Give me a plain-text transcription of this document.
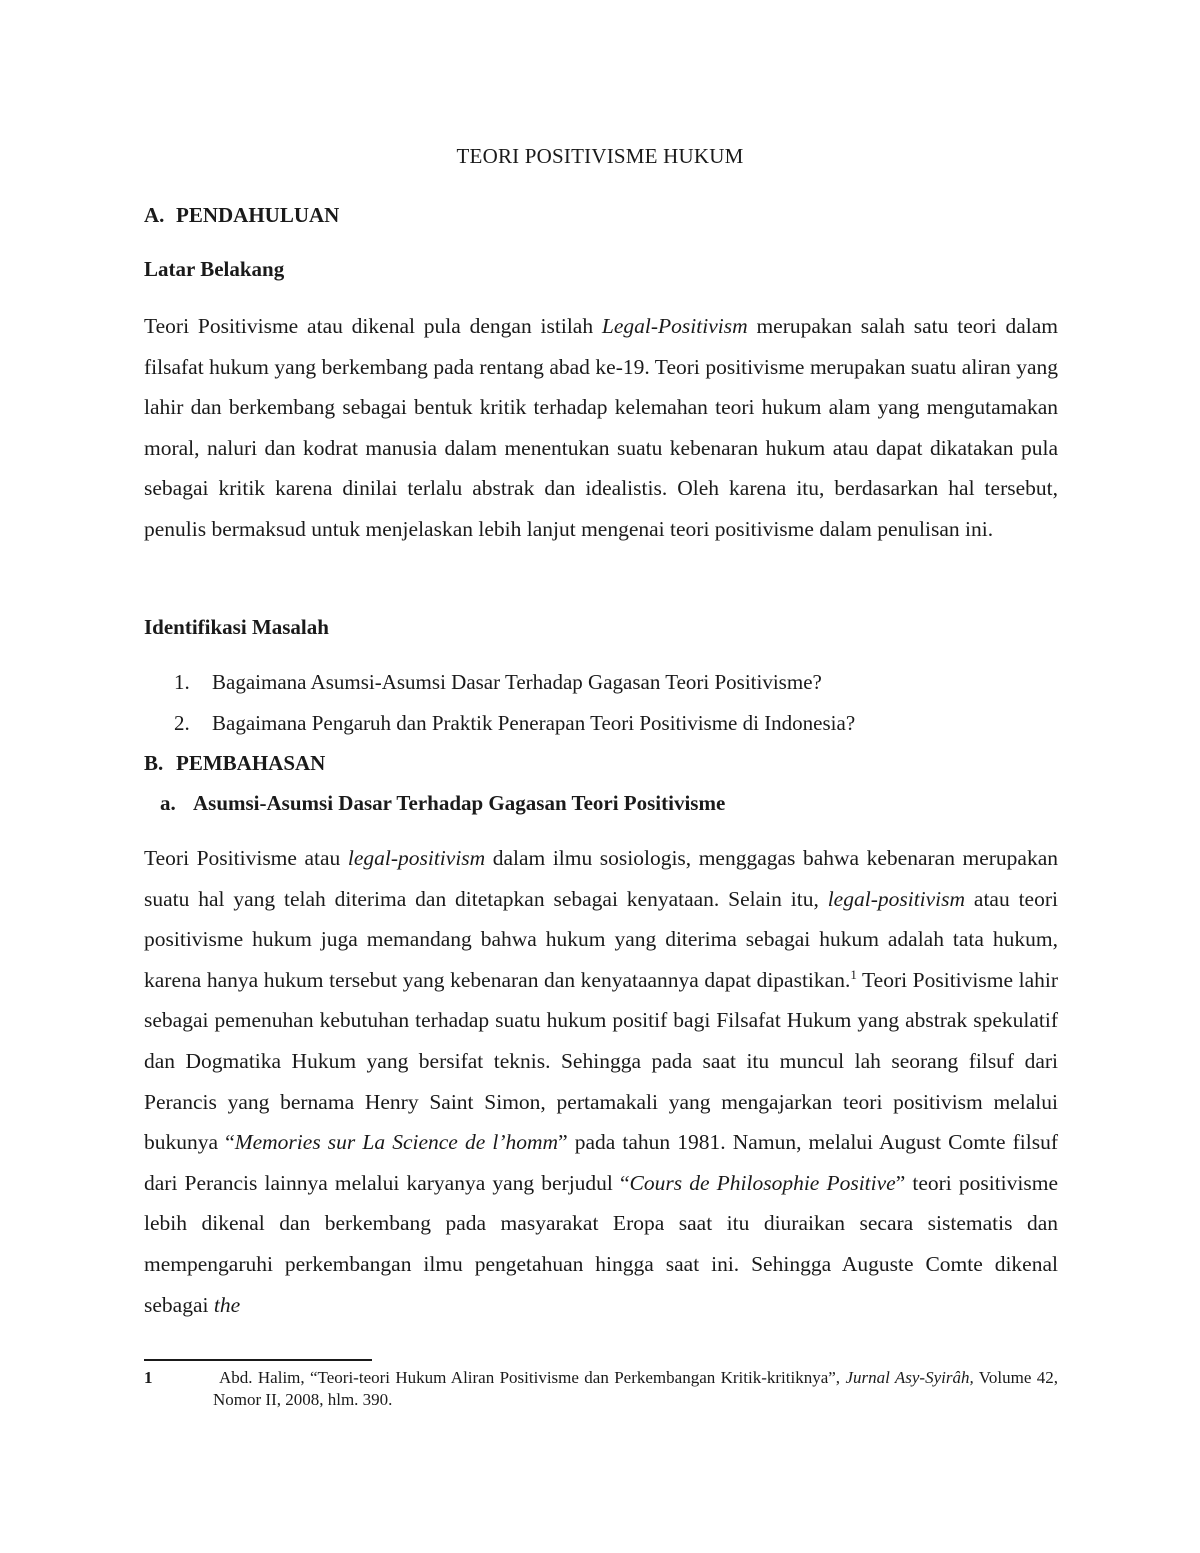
TEORI POSITIVISME HUKUM
A. PENDAHULUAN
Latar Belakang

Teori Positivisme atau dikenal pula dengan istilah Legal-Positivism merupakan salah satu teori dalam filsafat hukum yang berkembang pada rentang abad ke-19. Teori positivisme merupakan suatu aliran yang lahir dan berkembang sebagai bentuk kritik terhadap kelemahan teori hukum alam yang mengutamakan moral, naluri dan kodrat manusia dalam menentukan suatu kebenaran hukum atau dapat dikatakan pula sebagai kritik karena dinilai terlalu abstrak dan idealistis. Oleh karena itu, berdasarkan hal tersebut, penulis bermaksud untuk menjelaskan lebih lanjut mengenai teori positivisme dalam penulisan ini.

Identifikasi Masalah
1. Bagaimana Asumsi-Asumsi Dasar Terhadap Gagasan Teori Positivisme?
2. Bagaimana Pengaruh dan Praktik Penerapan Teori Positivisme di Indonesia?
B. PEMBAHASAN
a. Asumsi-Asumsi Dasar Terhadap Gagasan Teori Positivisme

Teori Positivisme atau legal-positivism dalam ilmu sosiologis, menggagas bahwa kebenaran merupakan suatu hal yang telah diterima dan ditetapkan sebagai kenyataan. Selain itu, legal-positivism atau teori positivisme hukum juga memandang bahwa hukum yang diterima sebagai hukum adalah tata hukum, karena hanya hukum tersebut yang kebenaran dan kenyataannya dapat dipastikan.$^1$ Teori Positivisme lahir sebagai pemenuhan kebutuhan terhadap suatu hukum positif bagi Filsafat Hukum yang abstrak spekulatif dan Dogmatika Hukum yang bersifat teknis. Sehingga pada saat itu muncul lah seorang filsuf dari Perancis yang bernama Henry Saint Simon, pertamakali yang mengajarkan teori positivism melalui bukunya “Memories sur La Science de l’homm” pada tahun 1981. Namun, melalui August Comte filsuf dari Perancis lainnya melalui karyanya yang berjudul “Cours de Philosophie Positive” teori positivisme lebih dikenal dan berkembang pada masyarakat Eropa saat itu diuraikan secara sistematis dan mempengaruhi perkembangan ilmu pengetahuan hingga saat ini. Sehingga Auguste Comte dikenal sebagai the

1	Abd. Halim, “Teori-teori Hukum Aliran Positivisme dan Perkembangan Kritik-kritiknya”, Jurnal Asy-Syirâh, Volume 42, Nomor II, 2008, hlm. 390.
